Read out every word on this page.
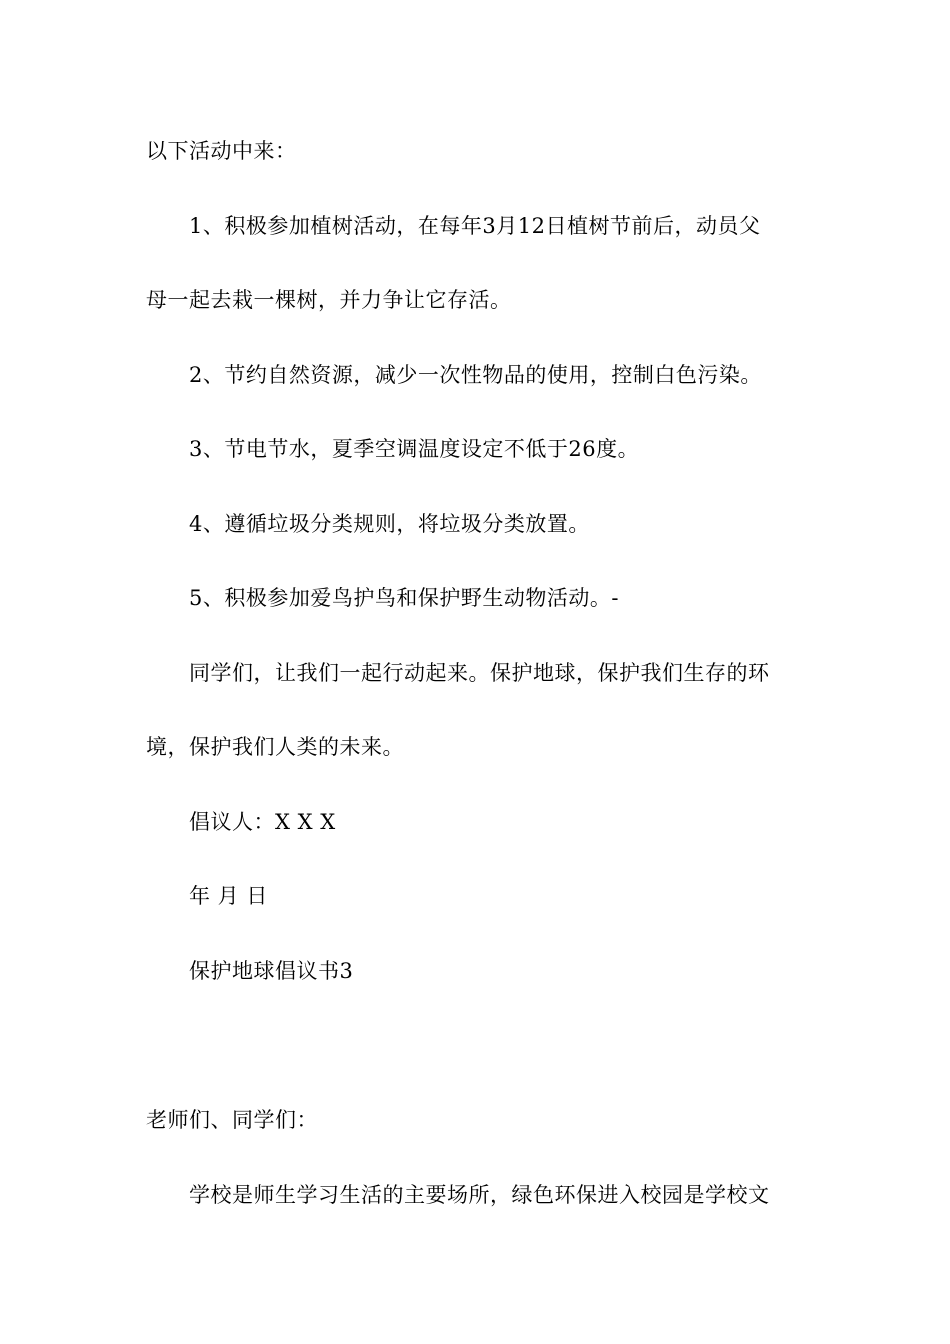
以下活动中来：
1、积极参加植树活动，在每年3月12日植树节前后，动员父
母一起去栽一棵树，并力争让它存活。
2、节约自然资源，减少一次性物品的使用，控制白色污染。
3、节电节水，夏季空调温度设定不低于26度。
4、遵循垃圾分类规则，将垃圾分类放置。
5、积极参加爱鸟护鸟和保护野生动物活动。-
同学们，让我们一起行动起来。保护地球，保护我们生存的环
境，保护我们人类的未来。
倡议人：X X X
年 月 日
保护地球倡议书3
老师们、同学们：
学校是师生学习生活的主要场所，绿色环保进入校园是学校文
